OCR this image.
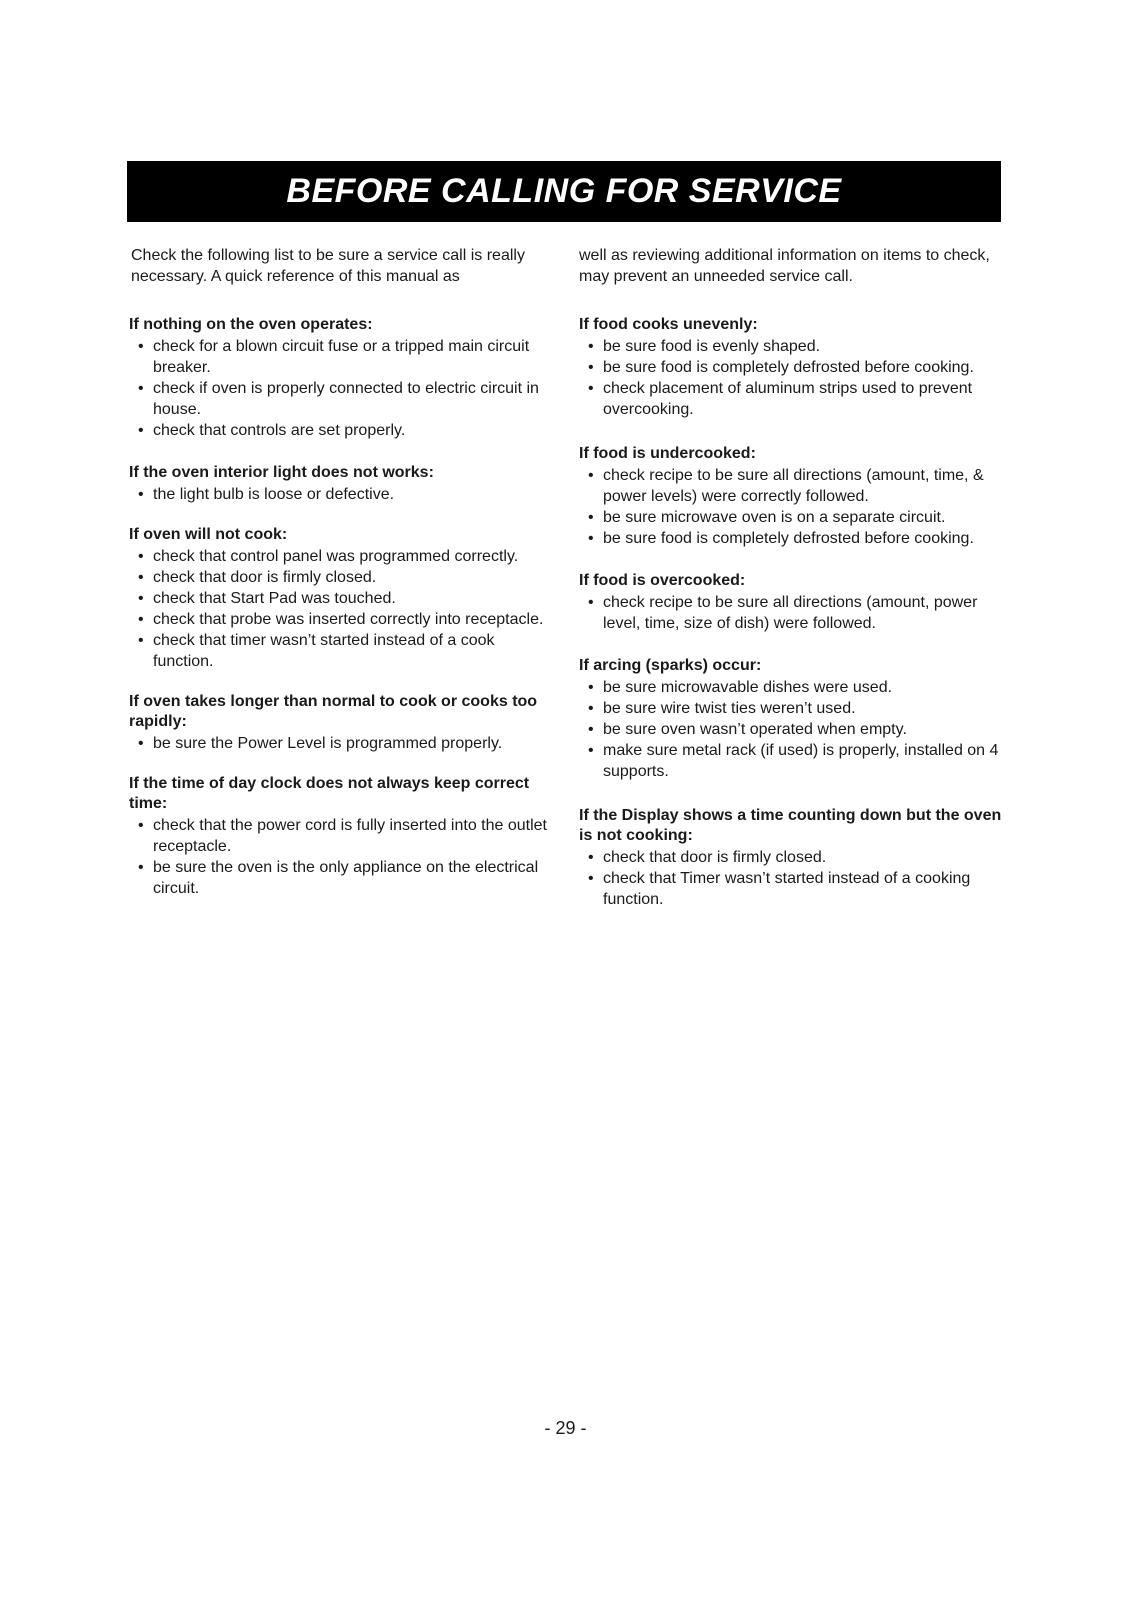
BEFORE CALLING FOR SERVICE

Check the following list to be sure a service call is really necessary. A quick reference of this manual as

well as reviewing additional information on items to check, may prevent an unneeded service call.

If nothing on the oven operates:
• check for a blown circuit fuse or a tripped main circuit breaker.
• check if oven is properly connected to electric circuit in house.
• check that controls are set properly.
If the oven interior light does not works:
• the light bulb is loose or defective.
If oven will not cook:
• check that control panel was programmed correctly.
• check that door is firmly closed.
• check that Start Pad was touched.
• check that probe was inserted correctly into receptacle.
• check that timer wasn’t started instead of a cook function.
If oven takes longer than normal to cook or cooks too rapidly:
• be sure the Power Level is programmed properly.
If the time of day clock does not always keep correct time:
• check that the power cord is fully inserted into the outlet receptacle.
• be sure the oven is the only appliance on the electrical circuit.
If food cooks unevenly:
• be sure food is evenly shaped.
• be sure food is completely defrosted before cooking.
• check placement of aluminum strips used to prevent overcooking.
If food is undercooked:
• check recipe to be sure all directions (amount, time, & power levels) were correctly followed.
• be sure microwave oven is on a separate circuit.
• be sure food is completely defrosted before cooking.
If food is overcooked:
• check recipe to be sure all directions (amount, power level, time, size of dish) were followed.
If arcing (sparks) occur:
• be sure microwavable dishes were used.
• be sure wire twist ties weren’t used.
• be sure oven wasn’t operated when empty.
• make sure metal rack (if used) is properly, installed on 4 supports.
If the Display shows a time counting down but the oven is not cooking:
• check that door is firmly closed.
• check that Timer wasn’t started instead of a cooking function.
- 29 -
